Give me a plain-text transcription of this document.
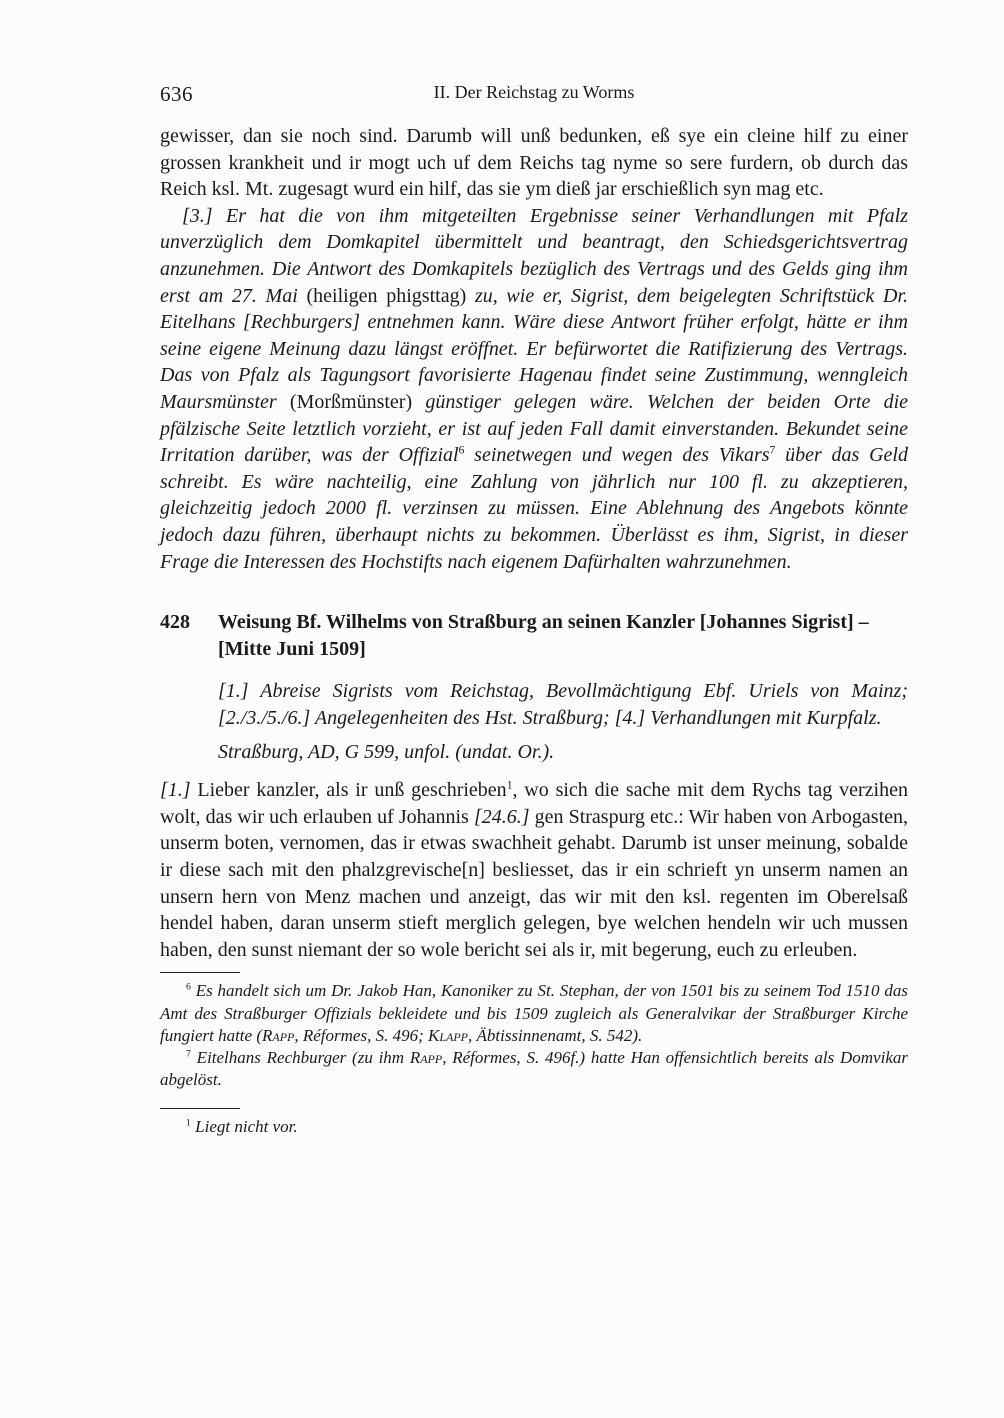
636	II. Der Reichstag zu Worms

gewisser, dan sie noch sind. Darumb will unß bedunken, eß sye ein cleine hilf zu einer grossen krankheit und ir mogt uch uf dem Reichs tag nyme so sere furdern, ob durch das Reich ksl. Mt. zugesagt wurd ein hilf, das sie ym dieß jar erschießlich syn mag etc.

[3.] Er hat die von ihm mitgeteilten Ergebnisse seiner Verhandlungen mit Pfalz unverzüglich dem Domkapitel übermittelt und beantragt, den Schiedsgerichtsvertrag anzunehmen. Die Antwort des Domkapitels bezüglich des Vertrags und des Gelds ging ihm erst am 27. Mai (heiligen phigsttag) zu, wie er, Sigrist, dem beigelegten Schriftstück Dr. Eitelhans [Rechburgers] entnehmen kann. Wäre diese Antwort früher erfolgt, hätte er ihm seine eigene Meinung dazu längst eröffnet. Er befürwortet die Ratifizierung des Vertrags. Das von Pfalz als Tagungsort favorisierte Hagenau findet seine Zustimmung, wenngleich Maursmünster (Morßmünster) günstiger gelegen wäre. Welchen der beiden Orte die pfälzische Seite letztlich vorzieht, er ist auf jeden Fall damit einverstanden. Bekundet seine Irritation darüber, was der Offizial$^6$ seinetwegen und wegen des Vikars$^7$ über das Geld schreibt. Es wäre nachteilig, eine Zahlung von jährlich nur 100 fl. zu akzeptieren, gleichzeitig jedoch 2000 fl. verzinsen zu müssen. Eine Ablehnung des Angebots könnte jedoch dazu führen, überhaupt nichts zu bekommen. Überlässt es ihm, Sigrist, in dieser Frage die Interessen des Hochstifts nach eigenem Dafürhalten wahrzunehmen.

428	Weisung Bf. Wilhelms von Straßburg an seinen Kanzler [Johannes Sigrist] – [Mitte Juni 1509]

[1.] Abreise Sigrists vom Reichstag, Bevollmächtigung Ebf. Uriels von Mainz; [2./3./5./6.] Angelegenheiten des Hst. Straßburg; [4.] Verhandlungen mit Kurpfalz.

Straßburg, AD, G 599, unfol. (undat. Or.).

[1.] Lieber kanzler, als ir unß geschrieben$^1$, wo sich die sache mit dem Rychs tag verzihen wolt, das wir uch erlauben uf Johannis [24.6.] gen Straspurg etc.: Wir haben von Arbogasten, unserm boten, vernomen, das ir etwas swachheit gehabt. Darumb ist unser meinung, sobalde ir diese sach mit den phalzgrevische[n] besliesset, das ir ein schrieft yn unserm namen an unsern hern von Menz machen und anzeigt, das wir mit den ksl. regenten im Oberelsaß hendel haben, daran unserm stieft merglich gelegen, bye welchen hendeln wir uch mussen haben, den sunst niemant der so wole bericht sei als ir, mit begerung, euch zu erleuben.

$^6$ Es handelt sich um Dr. Jakob Han, Kanoniker zu St. Stephan, der von 1501 bis zu seinem Tod 1510 das Amt des Straßburger Offizials bekleidete und bis 1509 zugleich als Generalvikar der Straßburger Kirche fungiert hatte (Rapp, Réformes, S. 496; Klapp, Äbtissinnenamt, S. 542).

$^7$ Eitelhans Rechburger (zu ihm Rapp, Réformes, S. 496f.) hatte Han offensichtlich bereits als Domvikar abgelöst.

$^1$ Liegt nicht vor.
